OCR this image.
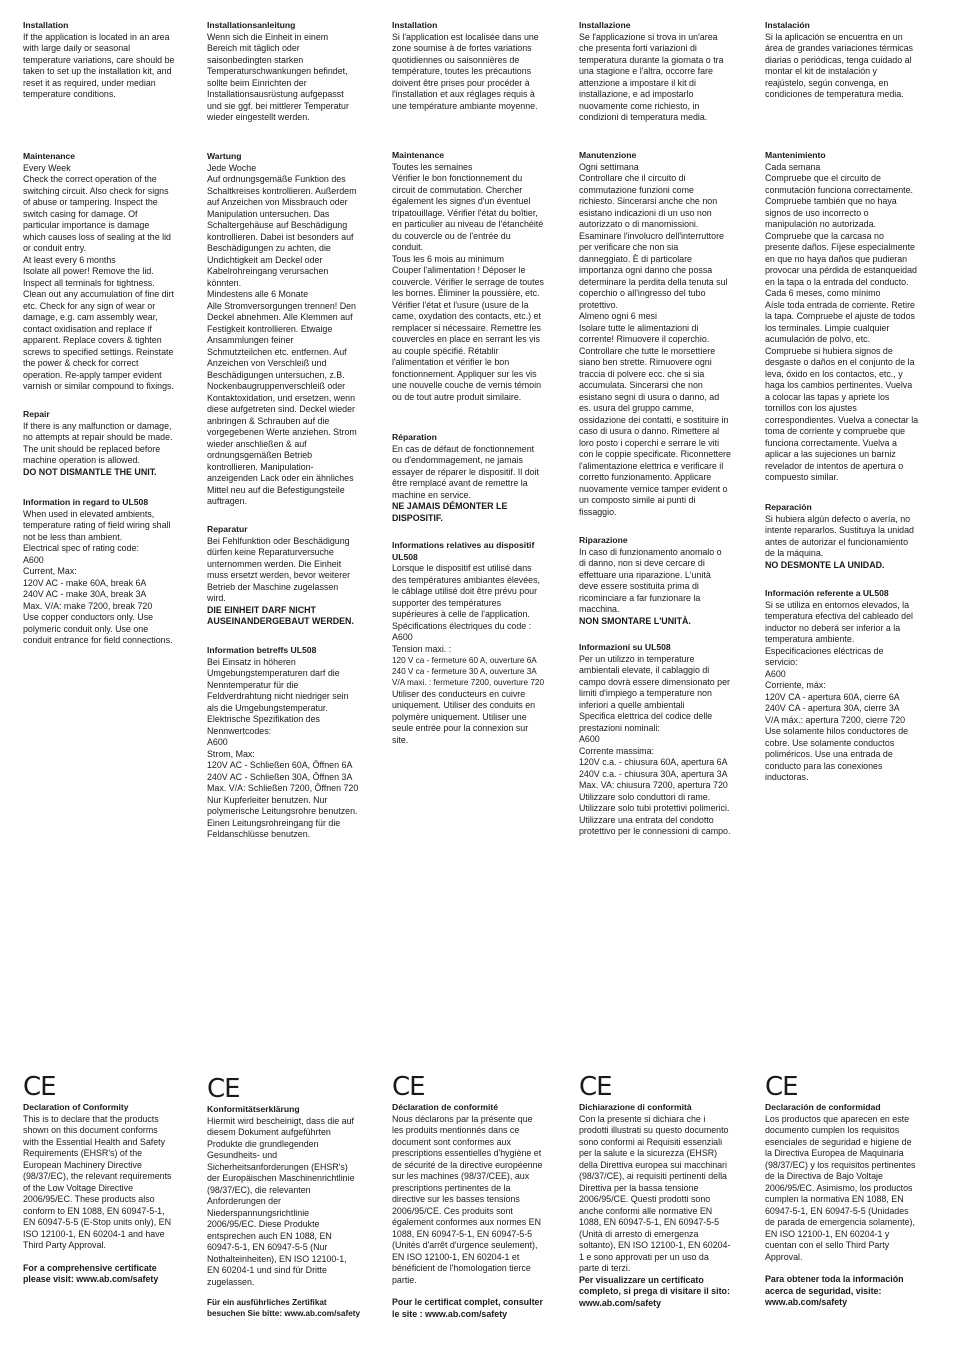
Installation
If the application is located in an area
with large daily or seasonal
temperature variations, care should be
taken to set up the installation kit, and
reset it as required, under median
temperature conditions.
Maintenance
Every Week
Check the correct operation of the
switching circuit. Also check for signs
of abuse or tampering. Inspect the
switch casing for damage. Of
particular importance is damage
which causes loss of sealing at the lid
or conduit entry.
At least every 6 months
Isolate all power! Remove the lid.
Inspect all terminals for tightness.
Clean out any accumulation of fine dirt
etc. Check for any sign of wear or
damage, e.g. cam assembly wear,
contact oxidisation and replace if
apparent. Replace covers & tighten
screws to specified settings. Reinstate
the power & check for correct
operation. Re-apply tamper evident
varnish or similar compound to fixings.
Repair
If there is any malfunction or damage,
no attempts at repair should be made.
The unit should be replaced before
machine operation is allowed.
DO NOT DISMANTLE THE UNIT.
Information in regard to UL508
When used in elevated ambients,
temperature rating of field wiring shall
not be less than ambient.
Electrical spec of rating code:
A600
Current, Max:
120V AC - make 60A, break 6A
240V AC - make 30A, break 3A
Max. V/A: make 7200, break 720
Use copper conductors only. Use
polymeric conduit only. Use one
conduit entrance for field connections.
CE
Declaration of Conformity
This is to declare that the products
shown on this document conforms
with the Essential Health and Safety
Requirements (EHSR's) of the
European Machinery Directive
(98/37/EC), the relevant requirements
of the Low Voltage Directive
2006/95/EC. These products also
conform to EN 1088, EN 60947-5-1,
EN 60947-5-5 (E-Stop units only), EN
ISO 12100-1, EN 60204-1 and have
Third Party Approval.
For a comprehensive certificate
please visit: www.ab.com/safety
Installationsanleitung
Wenn sich die Einheit in einem
Bereich mit täglich oder
saisonbedingten starken
Temperaturschwankungen befindet,
sollte beim Einrichten der
Installationsausrüstung aufgepasst
und sie ggf. bei mittlerer Temperatur
wieder eingestellt werden.
Wartung
Jede Woche
Auf ordnungsgemäße Funktion des
Schaltkreises kontrollieren. Außerdem
auf Anzeichen von Missbrauch oder
Manipulation untersuchen. Das
Schaltergehäuse auf Beschädigung
kontrollieren. Dabei ist besonders auf
Beschädigungen zu achten, die
Undichtigkeit am Deckel oder
Kabelrohreingang verursachen
könnten.
Mindestens alle 6 Monate
Alle Stromversorgungen trennen! Den
Deckel abnehmen. Alle Klemmen auf
Festigkeit kontrollieren. Etwaige
Ansammlungen feiner
Schmutzteilchen etc. entfernen. Auf
Anzeichen von Verschleiß und
Beschädigungen untersuchen, z.B.
Nockenbaugruppenverschleiß oder
Kontaktoxidation, und ersetzen, wenn
diese aufgetreten sind. Deckel wieder
anbringen & Schrauben auf die
vorgegebenen Werte anziehen. Strom
wieder anschließen & auf
ordnungsgemäßen Betrieb
kontrollieren. Manipulation-
anzeigenden Lack oder ein ähnliches
Mittel neu auf die Befestigungsteile
auftragen.
Reparatur
Bei Fehlfunktion oder Beschädigung
dürfen keine Reparaturversuche
unternommen werden. Die Einheit
muss ersetzt werden, bevor weiterer
Betrieb der Maschine zugelassen
wird.
DIE EINHEIT DARF NICHT
AUSEINANDERGEBAUT WERDEN.
Information betreffs UL508
Bei Einsatz in höheren
Umgebungstemperaturen darf die
Nenntemperatur für die
Feldverdrahtung nicht niedriger sein
als die Umgebungstemperatur.
Elektrische Spezifikation des
Nennwertcodes:
A600
Strom, Max:
120V AC - Schließen 60A, Öffnen 6A
240V AC - Schließen 30A, Öffnen 3A
Max. V/A: Schließen 7200, Öffnen 720
Nur Kupferleiter benutzen. Nur
polymerische Leitungsrohre benutzen.
Einen Leitungsrohreingang für die
Feldanschlüsse benutzen.
CE
Konformitätserklärung
Hiermit wird bescheinigt, dass die auf
diesem Dokument aufgeführten
Produkte die grundlegenden
Gesundheits- und
Sicherheitsanforderungen (EHSR's)
der Europäischen Maschinenrichtlinie
(98/37/EC), die relevanten
Anforderungen der
Niederspannungsrichtlinie
2006/95/EC. Diese Produkte
entsprechen auch EN 1088, EN
60947-5-1, EN 60947-5-5 (Nur
Nothalteinheiten), EN ISO 12100-1,
EN 60204-1 und sind für Dritte
zugelassen.
Für ein ausführliches Zertifikat
besuchen Sie bitte: www.ab.com/safety
Installation
Si l'application est localisée dans une
zone soumise à de fortes variations
quotidiennes ou saisonnières de
température, toutes les précautions
doivent être prises pour procéder à
l'installation et aux réglages requis à
une température ambiante moyenne.
Maintenance
Toutes les semaines
Vérifier le bon fonctionnement du
circuit de commutation. Chercher
également les signes d'un éventuel
tripatouillage. Vérifier l'état du boîtier,
en particulier au niveau de l'étanchéité
du couvercle ou de l'entrée du
conduit.
Tous les 6 mois au minimum
Couper l'alimentation ! Déposer le
couvercle. Vérifier le serrage de toutes
les bornes. Éliminer la poussière, etc.
Vérifier l'état et l'usure (usure de la
came, oxydation des contacts, etc.) et
remplacer si nécessaire. Remettre les
couvercles en place en serrant les vis
au couple spécifié. Rétablir
l'alimentation et vérifier le bon
fonctionnement. Appliquer sur les vis
une nouvelle couche de vernis témoin
ou de tout autre produit similaire.
Réparation
En cas de défaut de fonctionnement
ou d'endommagement, ne jamais
essayer de réparer le dispositif. Il doit
être remplacé avant de remettre la
machine en service.
NE JAMAIS DÉMONTER LE
DISPOSITIF.
Informations relatives au dispositif
UL508
Lorsque le dispositif est utilisé dans
des températures ambiantes élevées,
le câblage utilisé doit être prévu pour
supporter des températures
supérieures à celle de l'application.
Spécifications électriques du code :
A600
Tension maxi. :
120 V ca - fermeture 60 A, ouverture 6A
240 V ca - fermeture 30 A, ouverture 3A
V/A maxi. : fermeture 7200, ouverture 720
Utiliser des conducteurs en cuivre
uniquement. Utiliser des conduits en
polymère uniquement. Utiliser une
seule entrée pour la connexion sur
site.
CE
Déclaration de conformité
Nous déclarons par la présente que
les produits mentionnés dans ce
document sont conformes aux
prescriptions essentielles d'hygiène et
de sécurité de la directive européenne
sur les machines (98/37/CEE), aux
prescriptions pertinentes de la
directive sur les basses tensions
2006/95/CE. Ces produits sont
également conformes aux normes EN
1088, EN 60947-5-1, EN 60947-5-5
(Unités d'arrêt d'urgence seulement),
EN ISO 12100-1, EN 60204-1 et
bénéficient de l'homologation tierce
partie.
Pour le certificat complet, consulter
le site : www.ab.com/safety
Installazione
Se l'applicazione si trova in un'area
che presenta forti variazioni di
temperatura durante la giornata o tra
una stagione e l'altra, occorre fare
attenzione a impostare il kit di
installazione, e ad impostarlo
nuovamente come richiesto, in
condizioni di temperatura media.
Manutenzione
Ogni settimana
Controllare che il circuito di
commutazione funzioni come
richiesto. Sincerarsi anche che non
esistano indicazioni di un uso non
autorizzato o di manomissioni.
Esaminare l'involucro dell'interruttore
per verificare che non sia
danneggiato. È di particolare
importanza ogni danno che possa
determinare la perdita della tenuta sul
coperchio o all'ingresso del tubo
protettivo.
Almeno ogni 6 mesi
Isolare tutte le alimentazioni di
corrente! Rimuovere il coperchio.
Controllare che tutte le morsettiere
siano ben strette. Rimuovere ogni
traccia di polvere ecc. che si sia
accumulata. Sincerarsi che non
esistano segni di usura o danno, ad
es. usura del gruppo camme,
ossidazione dei contatti, e sostituire in
caso di usura o danno. Rimettere al
loro posto i coperchi e serrare le viti
con le coppie specificate. Riconnettere
l'alimentazione elettrica e verificare il
corretto funzionamento. Applicare
nuovamente vernice tamper evident o
un composto simile ai punti di
fissaggio.
Riparazione
In caso di funzionamento anomalo o
di danno, non si deve cercare di
effettuare una riparazione. L'unità
deve essere sostituita prima di
ricominciare a far funzionare la
macchina.
NON SMONTARE L'UNITÀ.
Informazioni su UL508
Per un utilizzo in temperature
ambientali elevate, il cablaggio di
campo dovrà essere dimensionato per
limiti d'impiego a temperature non
inferiori a quelle ambientali
Specifica elettrica del codice delle
prestazioni nominali:
A600
Corrente massima:
120V c.a. - chiusura 60A, apertura 6A
240V c.a. - chiusura 30A, apertura 3A
Max. VA: chiusura 7200, apertura 720
Utilizzare solo conduttori di rame.
Utilizzare solo tubi protettivi polimerici.
Utilizzare una entrata del condotto
protettivo per le connessioni di campo.
CE
Dichiarazione di conformità
Con la presente si dichiara che i
prodotti illustrati su questo documento
sono conformi ai Requisiti essenziali
per la salute e la sicurezza (EHSR)
della Direttiva europea sui macchinari
(98/37/CE), ai requisiti pertinenti della
Direttiva per la bassa tensione
2006/95/CE. Questi prodotti sono
anche conformi alle normative EN
1088, EN 60947-5-1, EN 60947-5-5
(Unità di arresto di emergenza
soltanto), EN ISO 12100-1, EN 60204-
1 e sono approvati per un uso da
parte di terzi.
Per visualizzare un certificato
completo, si prega di visitare il sito:
www.ab.com/safety
Instalación
Si la aplicación se encuentra en un
área de grandes variaciones térmicas
diarias o periódicas, tenga cuidado al
montar el kit de instalación y
reajústelo, según convenga, en
condiciones de temperatura media.
Mantenimiento
Cada semana
Compruebe que el circuito de
conmutación funciona correctamente.
Compruebe también que no haya
signos de uso incorrecto o
manipulación no autorizada.
Compruebe que la carcasa no
presente daños. Fíjese especialmente
en que no haya daños que pudieran
provocar una pérdida de estanqueidad
en la tapa o la entrada del conducto.
Cada 6 meses, como mínimo
Aísle toda entrada de corriente. Retire
la tapa. Compruebe el ajuste de todos
los terminales. Limpie cualquier
acumulación de polvo, etc.
Compruebe si hubiera signos de
desgaste o daños en el conjunto de la
leva, óxido en los contactos, etc., y
haga los cambios pertinentes. Vuelva
a colocar las tapas y apriete los
tornillos con los ajustes
correspondientes. Vuelva a conectar la
toma de corriente y compruebe que
funciona correctamente. Vuelva a
aplicar a las sujeciones un barniz
revelador de intentos de apertura o
compuesto similar.
Reparación
Si hubiera algún defecto o avería, no
intente repararlos. Sustituya la unidad
antes de autorizar el funcionamiento
de la máquina.
NO DESMONTE LA UNIDAD.
Información referente a UL508
Si se utiliza en entornos elevados, la
temperatura efectiva del cableado del
inductor no deberá ser inferior a la
temperatura ambiente.
Especificaciones eléctricas de
servicio:
A600
Corriente, máx:
120V CA - apertura 60A, cierre 6A
240V CA - apertura 30A, cierre 3A
V/A máx.: apertura 7200, cierre 720
Use solamente hilos conductores de
cobre. Use solamente conductos
poliméricos. Use una entrada de
conducto para las conexiones
inductoras.
CE
Declaración de conformidad
Los productos que aparecen en este
documento cumplen los requisitos
esenciales de seguridad e higiene de
la Directiva Europea de Maquinaria
(98/37/EC) y los requisitos pertinentes
de la Directiva de Bajo Voltaje
2006/95/EC. Asimismo, los productos
cumplen la normativa EN 1088, EN
60947-5-1, EN 60947-5-5 (Unidades
de parada de emergencia solamente),
EN ISO 12100-1, EN 60204-1 y
cuentan con el sello Third Party
Approval.
Para obtener toda la información
acerca de seguridad, visite:
www.ab.com/safety
